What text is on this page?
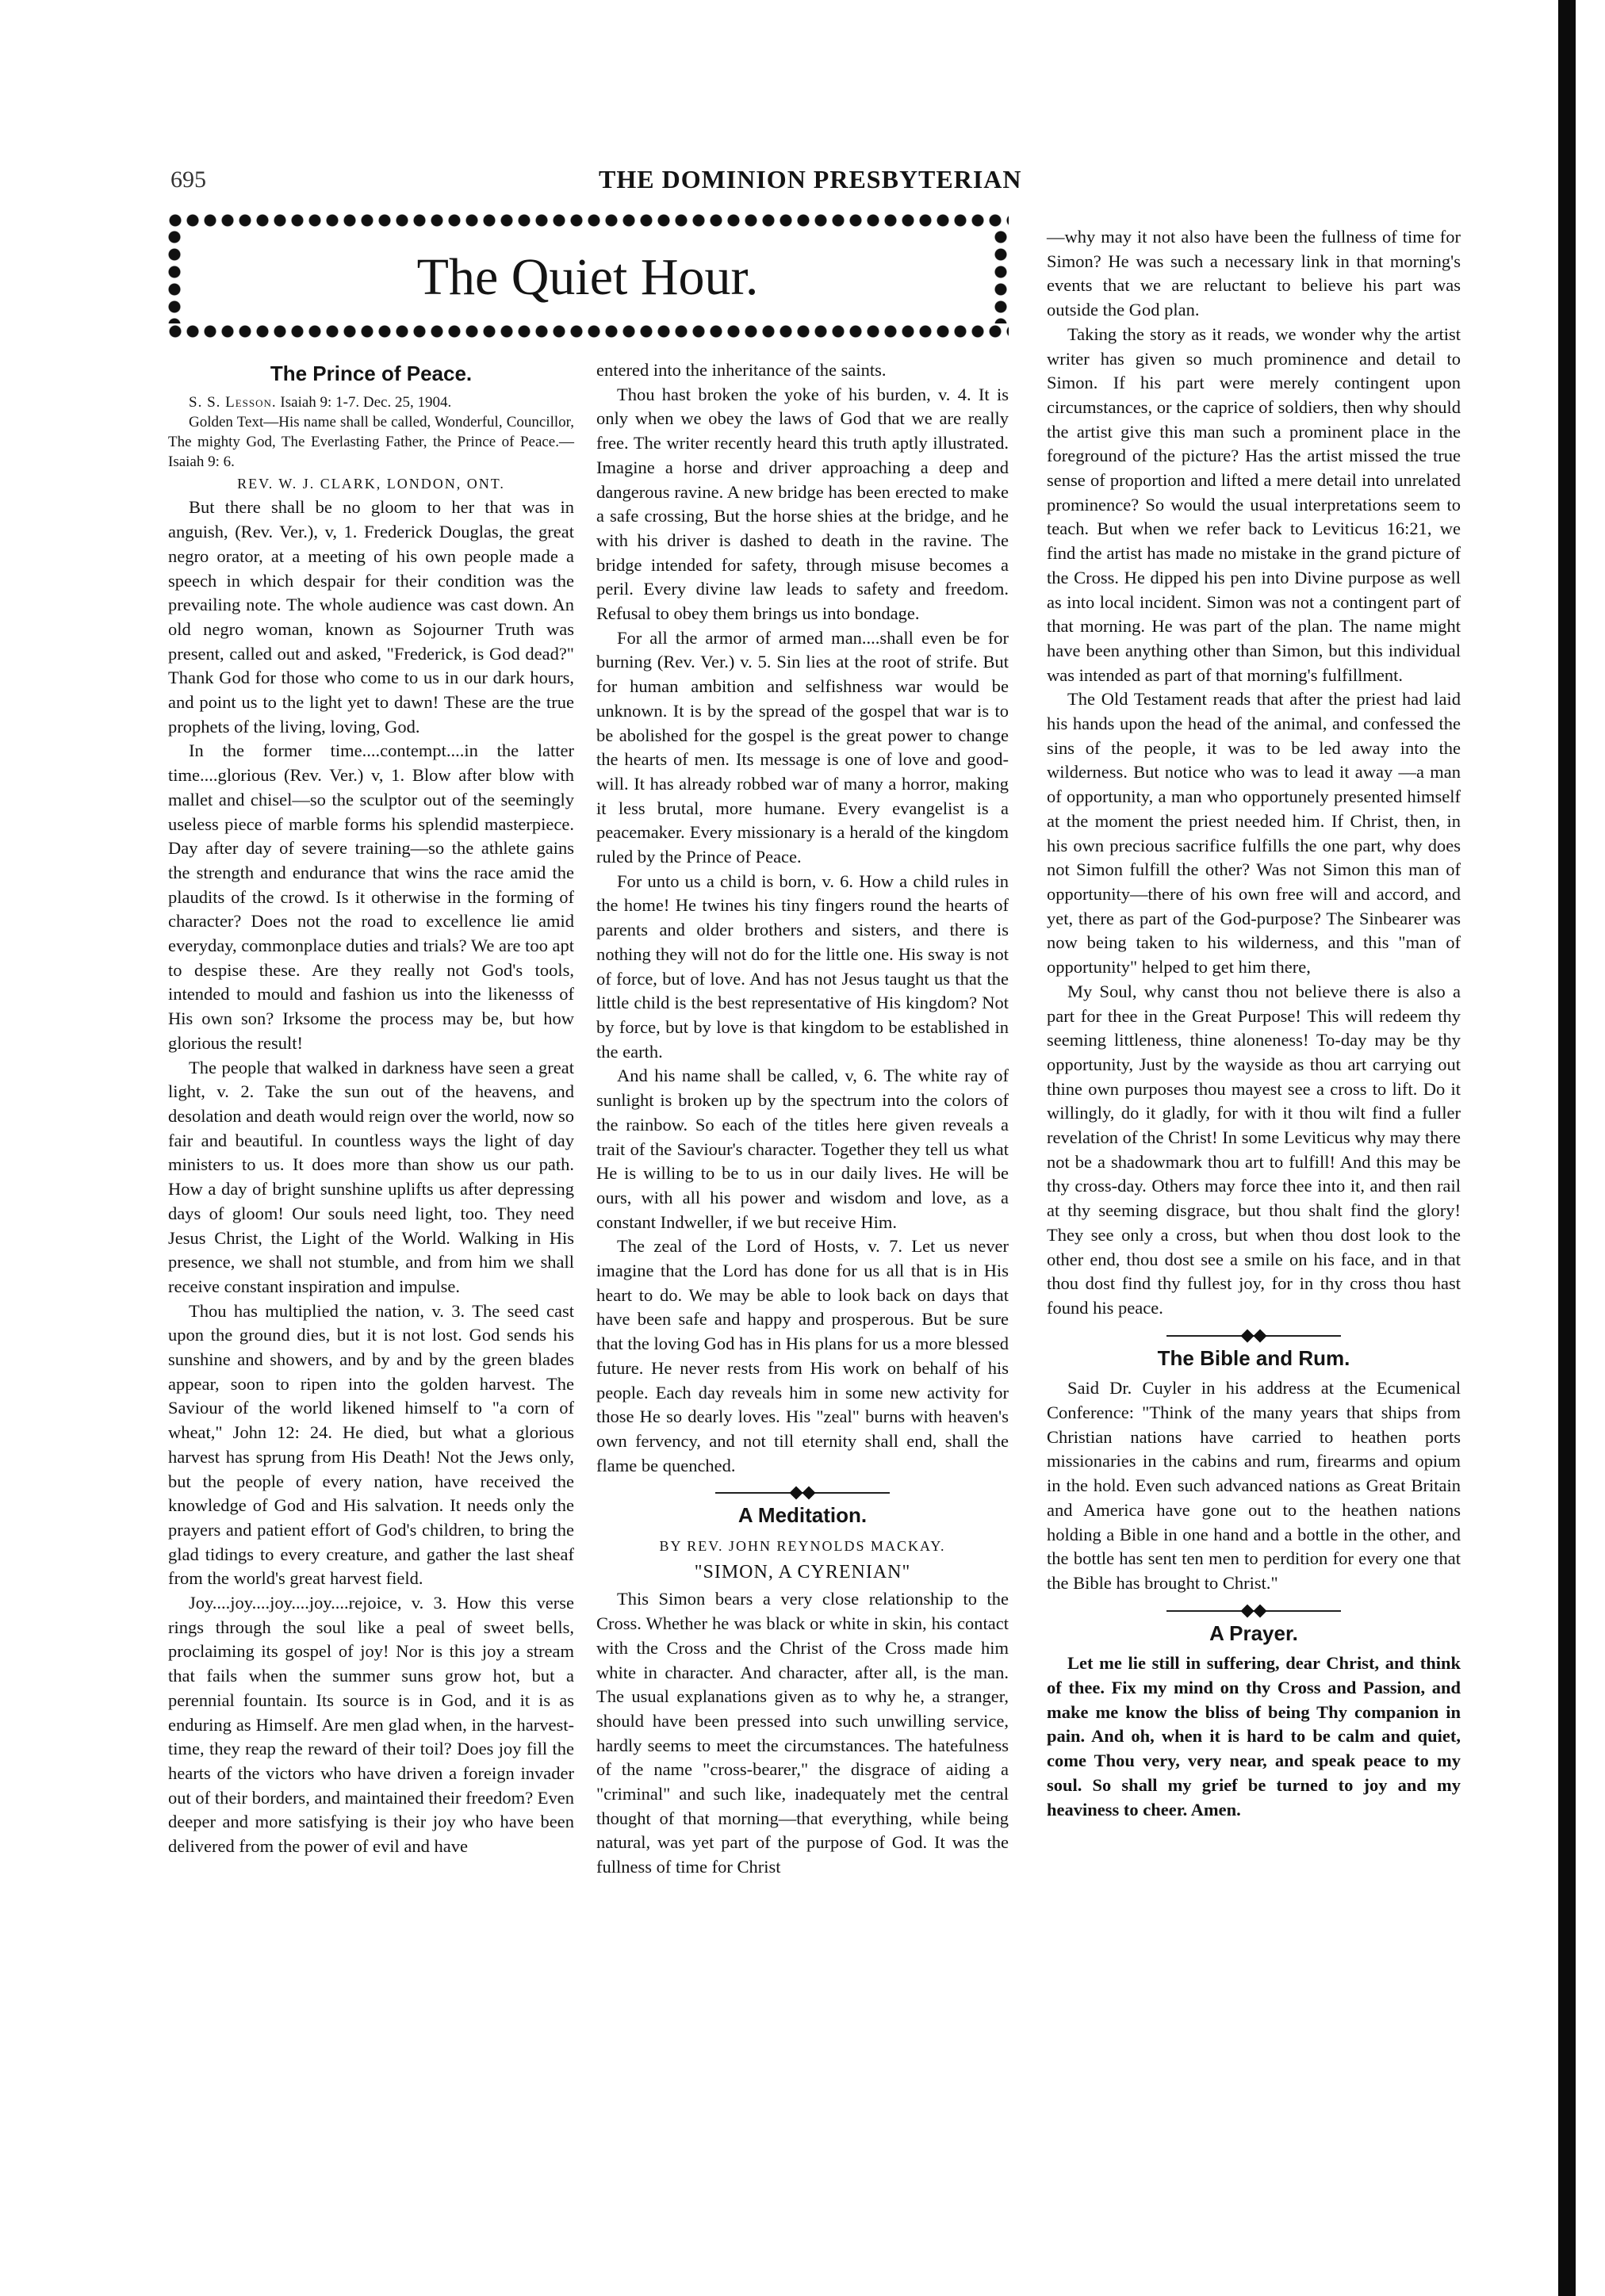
695	THE DOMINION PRESBYTERIAN
The Quiet Hour.
The Prince of Peace.

S. S. Lesson. Isaiah 9: 1-7. Dec. 25, 1904.

Golden Text—His name shall be called, Wonderful, Councillor, The mighty God, The Everlasting Father, the Prince of Peace.—Isaiah 9: 6.

REV. W. J. CLARK, LONDON, ONT.

But there shall be no gloom to her that was in anguish, (Rev. Ver.), v, 1. Frederick Douglas, the great negro orator, at a meeting of his own people made a speech in which despair for their condition was the prevailing note. The whole audience was cast down. An old negro woman, known as Sojourner Truth was present, called out and asked, "Frederick, is God dead?" Thank God for those who come to us in our dark hours, and point us to the light yet to dawn! These are the true prophets of the living, loving, God.

In the former time....contempt....in the latter time....glorious (Rev. Ver.) v, 1. Blow after blow with mallet and chisel—so the sculptor out of the seemingly useless piece of marble forms his splendid masterpiece. Day after day of severe training—so the athlete gains the strength and endurance that wins the race amid the plaudits of the crowd. Is it otherwise in the forming of character? Does not the road to excellence lie amid everyday, commonplace duties and trials? We are too apt to despise these. Are they really not God's tools, intended to mould and fashion us into the likenesss of His own son? Irksome the process may be, but how glorious the result!

The people that walked in darkness have seen a great light, v. 2. Take the sun out of the heavens, and desolation and death would reign over the world, now so fair and beautiful. In countless ways the light of day ministers to us. It does more than show us our path. How a day of bright sunshine uplifts us after depressing days of gloom! Our souls need light, too. They need Jesus Christ, the Light of the World. Walking in His presence, we shall not stumble, and from him we shall receive constant inspiration and impulse.

Thou has multiplied the nation, v. 3. The seed cast upon the ground dies, but it is not lost. God sends his sunshine and showers, and by and by the green blades appear, soon to ripen into the golden harvest. The Saviour of the world likened himself to "a corn of wheat," John 12: 24. He died, but what a glorious harvest has sprung from His Death! Not the Jews only, but the people of every nation, have received the knowledge of God and His salvation. It needs only the prayers and patient effort of God's children, to bring the glad tidings to every creature, and gather the last sheaf from the world's great harvest field.

Joy....joy....joy....joy....rejoice, v. 3. How this verse rings through the soul like a peal of sweet bells, proclaiming its gospel of joy! Nor is this joy a stream that fails when the summer suns grow hot, but a perennial fountain. Its source is in God, and it is as enduring as Himself. Are men glad when, in the harvest-time, they reap the reward of their toil? Does joy fill the hearts of the victors who have driven a foreign invader out of their borders, and maintained their freedom? Even deeper and more satisfying is their joy who have been delivered from the power of evil and have

entered into the inheritance of the saints.

Thou hast broken the yoke of his burden, v. 4. It is only when we obey the laws of God that we are really free. The writer recently heard this truth aptly illustrated. Imagine a horse and driver approaching a deep and dangerous ravine. A new bridge has been erected to make a safe crossing, But the horse shies at the bridge, and he with his driver is dashed to death in the ravine. The bridge intended for safety, through misuse becomes a peril. Every divine law leads to safety and freedom. Refusal to obey them brings us into bondage.

For all the armor of armed man....shall even be for burning (Rev. Ver.) v. 5. Sin lies at the root of strife. But for human ambition and selfishness war would be unknown. It is by the spread of the gospel that war is to be abolished for the gospel is the great power to change the hearts of men. Its message is one of love and good-will. It has already robbed war of many a horror, making it less brutal, more humane. Every evangelist is a peacemaker. Every missionary is a herald of the kingdom ruled by the Prince of Peace.

For unto us a child is born, v. 6. How a child rules in the home! He twines his tiny fingers round the hearts of parents and older brothers and sisters, and there is nothing they will not do for the little one. His sway is not of force, but of love. And has not Jesus taught us that the little child is the best representative of His kingdom? Not by force, but by love is that kingdom to be established in the earth.

And his name shall be called, v, 6. The white ray of sunlight is broken up by the spectrum into the colors of the rainbow. So each of the titles here given reveals a trait of the Saviour's character. Together they tell us what He is willing to be to us in our daily lives. He will be ours, with all his power and wisdom and love, as a constant Indweller, if we but receive Him.

The zeal of the Lord of Hosts, v. 7. Let us never imagine that the Lord has done for us all that is in His heart to do. We may be able to look back on days that have been safe and happy and prosperous. But be sure that the loving God has in His plans for us a more blessed future. He never rests from His work on behalf of his people. Each day reveals him in some new activity for those He so dearly loves. His "zeal" burns with heaven's own fervency, and not till eternity shall end, shall the flame be quenched.

A Meditation.
BY REV. JOHN REYNOLDS MACKAY.
"SIMON, A CYRENIAN"

This Simon bears a very close relationship to the Cross. Whether he was black or white in skin, his contact with the Cross and the Christ of the Cross made him white in character. And character, after all, is the man. The usual explanations given as to why he, a stranger, should have been pressed into such unwilling service, hardly seems to meet the circumstances. The hatefulness of the name "cross-bearer," the disgrace of aiding a "criminal" and such like, inadequately met the central thought of that morning—that everything, while being natural, was yet part of the purpose of God. It was the fullness of time for Christ

—why may it not also have been the fullness of time for Simon? He was such a necessary link in that morning's events that we are reluctant to believe his part was outside the God plan.

Taking the story as it reads, we wonder why the artist writer has given so much prominence and detail to Simon. If his part were merely contingent upon circumstances, or the caprice of soldiers, then why should the artist give this man such a prominent place in the foreground of the picture? Has the artist missed the true sense of proportion and lifted a mere detail into unrelated prominence? So would the usual interpretations seem to teach. But when we refer back to Leviticus 16:21, we find the artist has made no mistake in the grand picture of the Cross. He dipped his pen into Divine purpose as well as into local incident. Simon was not a contingent part of that morning. He was part of the plan. The name might have been anything other than Simon, but this individual was intended as part of that morning's fulfillment.

The Old Testament reads that after the priest had laid his hands upon the head of the animal, and confessed the sins of the people, it was to be led away into the wilderness. But notice who was to lead it away —a man of opportunity, a man who opportunely presented himself at the moment the priest needed him. If Christ, then, in his own precious sacrifice fulfills the one part, why does not Simon fulfill the other? Was not Simon this man of opportunity—there of his own free will and accord, and yet, there as part of the God-purpose? The Sinbearer was now being taken to his wilderness, and this "man of opportunity" helped to get him there,

My Soul, why canst thou not believe there is also a part for thee in the Great Purpose! This will redeem thy seeming littleness, thine aloneness! To-day may be thy opportunity, Just by the wayside as thou art carrying out thine own purposes thou mayest see a cross to lift. Do it willingly, do it gladly, for with it thou wilt find a fuller revelation of the Christ! In some Leviticus why may there not be a shadowmark thou art to fulfill! And this may be thy cross-day. Others may force thee into it, and then rail at thy seeming disgrace, but thou shalt find the glory! They see only a cross, but when thou dost look to the other end, thou dost see a smile on his face, and in that thou dost find thy fullest joy, for in thy cross thou hast found his peace.

The Bible and Rum.

Said Dr. Cuyler in his address at the Ecumenical Conference: "Think of the many years that ships from Christian nations have carried to heathen ports missionaries in the cabins and rum, firearms and opium in the hold. Even such advanced nations as Great Britain and America have gone out to the heathen nations holding a Bible in one hand and a bottle in the other, and the bottle has sent ten men to perdition for every one that the Bible has brought to Christ."

A Prayer.

Let me lie still in suffering, dear Christ, and think of thee. Fix my mind on thy Cross and Passion, and make me know the bliss of being Thy companion in pain. And oh, when it is hard to be calm and quiet, come Thou very, very near, and speak peace to my soul. So shall my grief be turned to joy and my heaviness to cheer. Amen.
